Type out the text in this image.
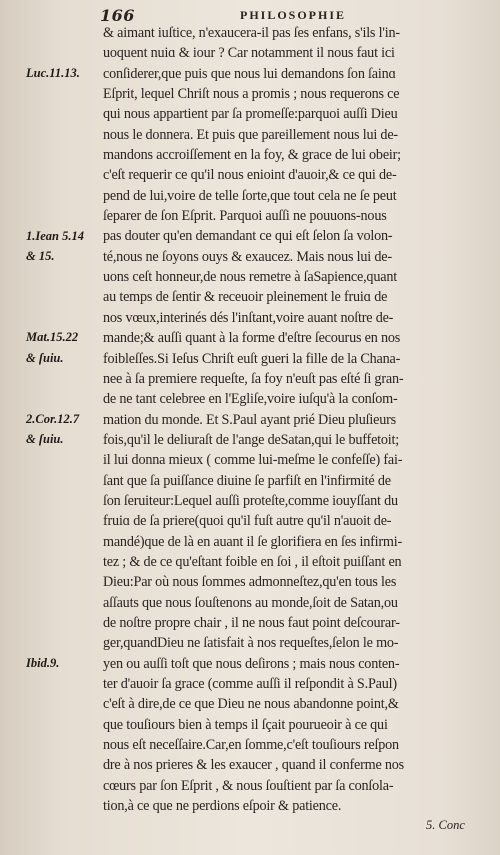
166	PHILOSOPHIE
& aimant iuſtice, n'exaucera-il pas ſes enfans, s'ils l'in-
uoquent nuiɑ & iour ? Car notamment il nous faut ici
conſiderer,que puis que nous lui demandons ſon ſainɑ
Eſprit, lequel Chriſt nous a promis ; nous requerons ce
qui nous appartient par ſa promeſſe:parquoi auſſi Dieu
nous le donnera. Et puis que pareillement nous lui de-
mandons accroiſſement en la foy, & grace de lui obeir;
c'eſt requerir ce qu'il nous enioint d'auoir,& ce qui de-
pend de lui,voire de telle ſorte,que tout cela ne ſe peut
ſeparer de ſon Eſprit. Parquoi auſſi ne pouuons-nous
pas douter qu'en demandant ce qui eſt ſelon ſa volon-
té,nous ne ſoyons ouys & exaucez. Mais nous lui de-
uons ceſt honneur,de nous remetre à ſaSapience,quant
au temps de ſentir & receuoir pleinement le fruiɑ de
nos vœux,interinés dés l'inſtant,voire auant noſtre de-
mande;& auſſi quant à la forme d'eſtre ſecourus en nos
foibleſſes.Si Ieſus Chriſt euſt gueri la fille de la Chana-
nee à ſa premiere requeſte, ſa foy n'euſt pas eſté ſi gran-
de ne tant celebree en l'Egliſe,voire iuſqu'à la conſom-
mation du monde. Et S.Paul ayant prié Dieu pluſieurs
fois,qu'il le deliuraſt de l'ange deSatan,qui le buffetoit;
il lui donna mieux ( comme lui-meſme le confeſſe) fai-
ſant que ſa puiſſance diuine ſe parfiſt en l'infirmité de
ſon ſeruiteur:Lequel auſſi proteſte,comme iouyſſant du
fruiɑ de ſa priere(quoi qu'il fuſt autre qu'il n'auoit de-
mandé)que de là en auant il ſe glorifiera en ſes infirmi-
tez ; & de ce qu'eſtant foible en ſoi , il eſtoit puiſſant en
Dieu:Par où nous ſommes admonneſtez,qu'en tous les
aſſauts que nous ſouſtenons au monde,ſoit de Satan,ou
de noſtre propre chair , il ne nous faut point deſcourar-
ger,quandDieu ne ſatisfait à nos requeſtes,ſelon le mo-
yen ou auſſi toſt que nous deſirons ; mais nous conten-
ter d'auoir ſa grace (comme auſſi il reſpondit à S.Paul)
c'eſt à dire,de ce que Dieu ne nous abandonne point,&
que touſiours bien à temps il ſçait pourueoir à ce qui
nous eſt neceſſaire.Car,en ſomme,c'eſt touſiours reſpon
dre à nos prieres & les exaucer , quand il conferme nos
cœurs par ſon Eſprit , & nous ſouſtient par ſa conſola-
tion,à ce que ne perdions eſpoir & patience.
Luc.11.13.
1.Iean 5.14
& 15.
Mat.15.22
& ſuiu.
2.Cor.12.7
& ſuiu.
Ibid.9.
5. Conc
